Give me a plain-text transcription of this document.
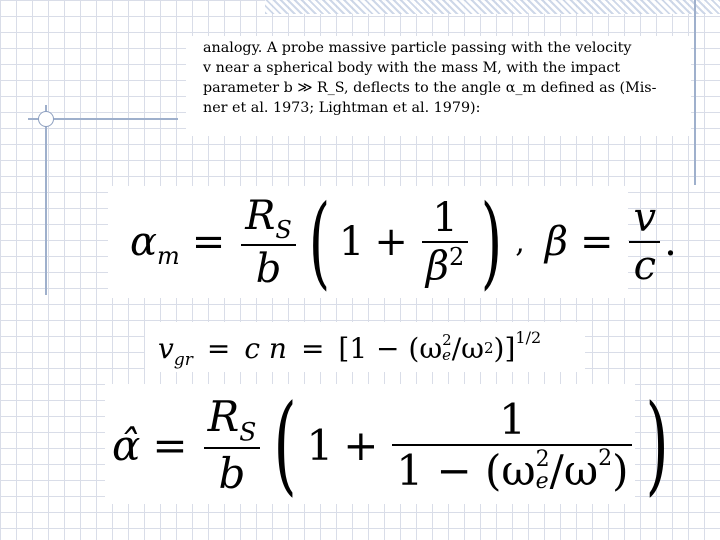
analogy. A probe massive particle passing with the velocity
v near a spherical body with the mass M, with the impact
parameter b ≫ R_S, deflects to the angle α_m defined as (Mis-
ner et al. 1973; Lightman et al. 1979):
$\alpha_m = \frac{R_S}{b}$ ( $1 + \frac{1}{\beta^2}$ ) , $\beta = \frac{v}{c}$ .
$v_{gr} = c$ n = [1 − (ω 2
e /ω 2 )]$^{1/2}$
α̂ = $\frac{R_S}{b}$ ( 1 + 1
1 − (ω 2
e $/\omega^2$ ) )
